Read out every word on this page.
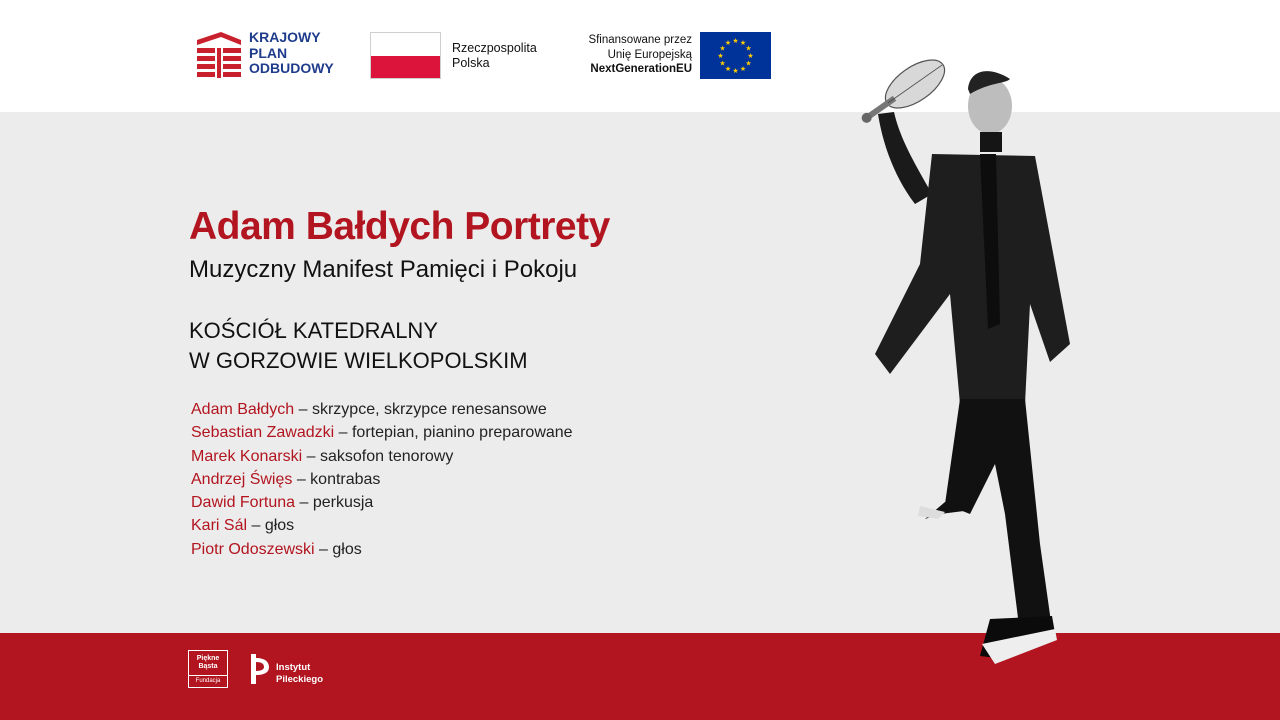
KRAJOWY
PLAN
ODBUDOWY
Rzeczpospolita
Polska
Sfinansowane przez
Unię Europejską
NextGenerationEU
★ ★
★
★
★
★
★
★
★
★
★
★
Adam Bałdych Portrety
Muzyczny Manifest Pamięci i Pokoju
KOŚCIÓŁ KATEDRALNY
W GORZOWIE WIELKOPOLSKIM
Adam Bałdych – skrzypce, skrzypce renesansowe
Sebastian Zawadzki – fortepian, pianino preparowane
Marek Konarski – saksofon tenorowy
Andrzej Święs – kontrabas
Dawid Fortuna – perkusja
Kari Sál – głos
Piotr Odoszewski – głos
Piękne
Bąsta
Fundacja
Instytut
Pileckiego
